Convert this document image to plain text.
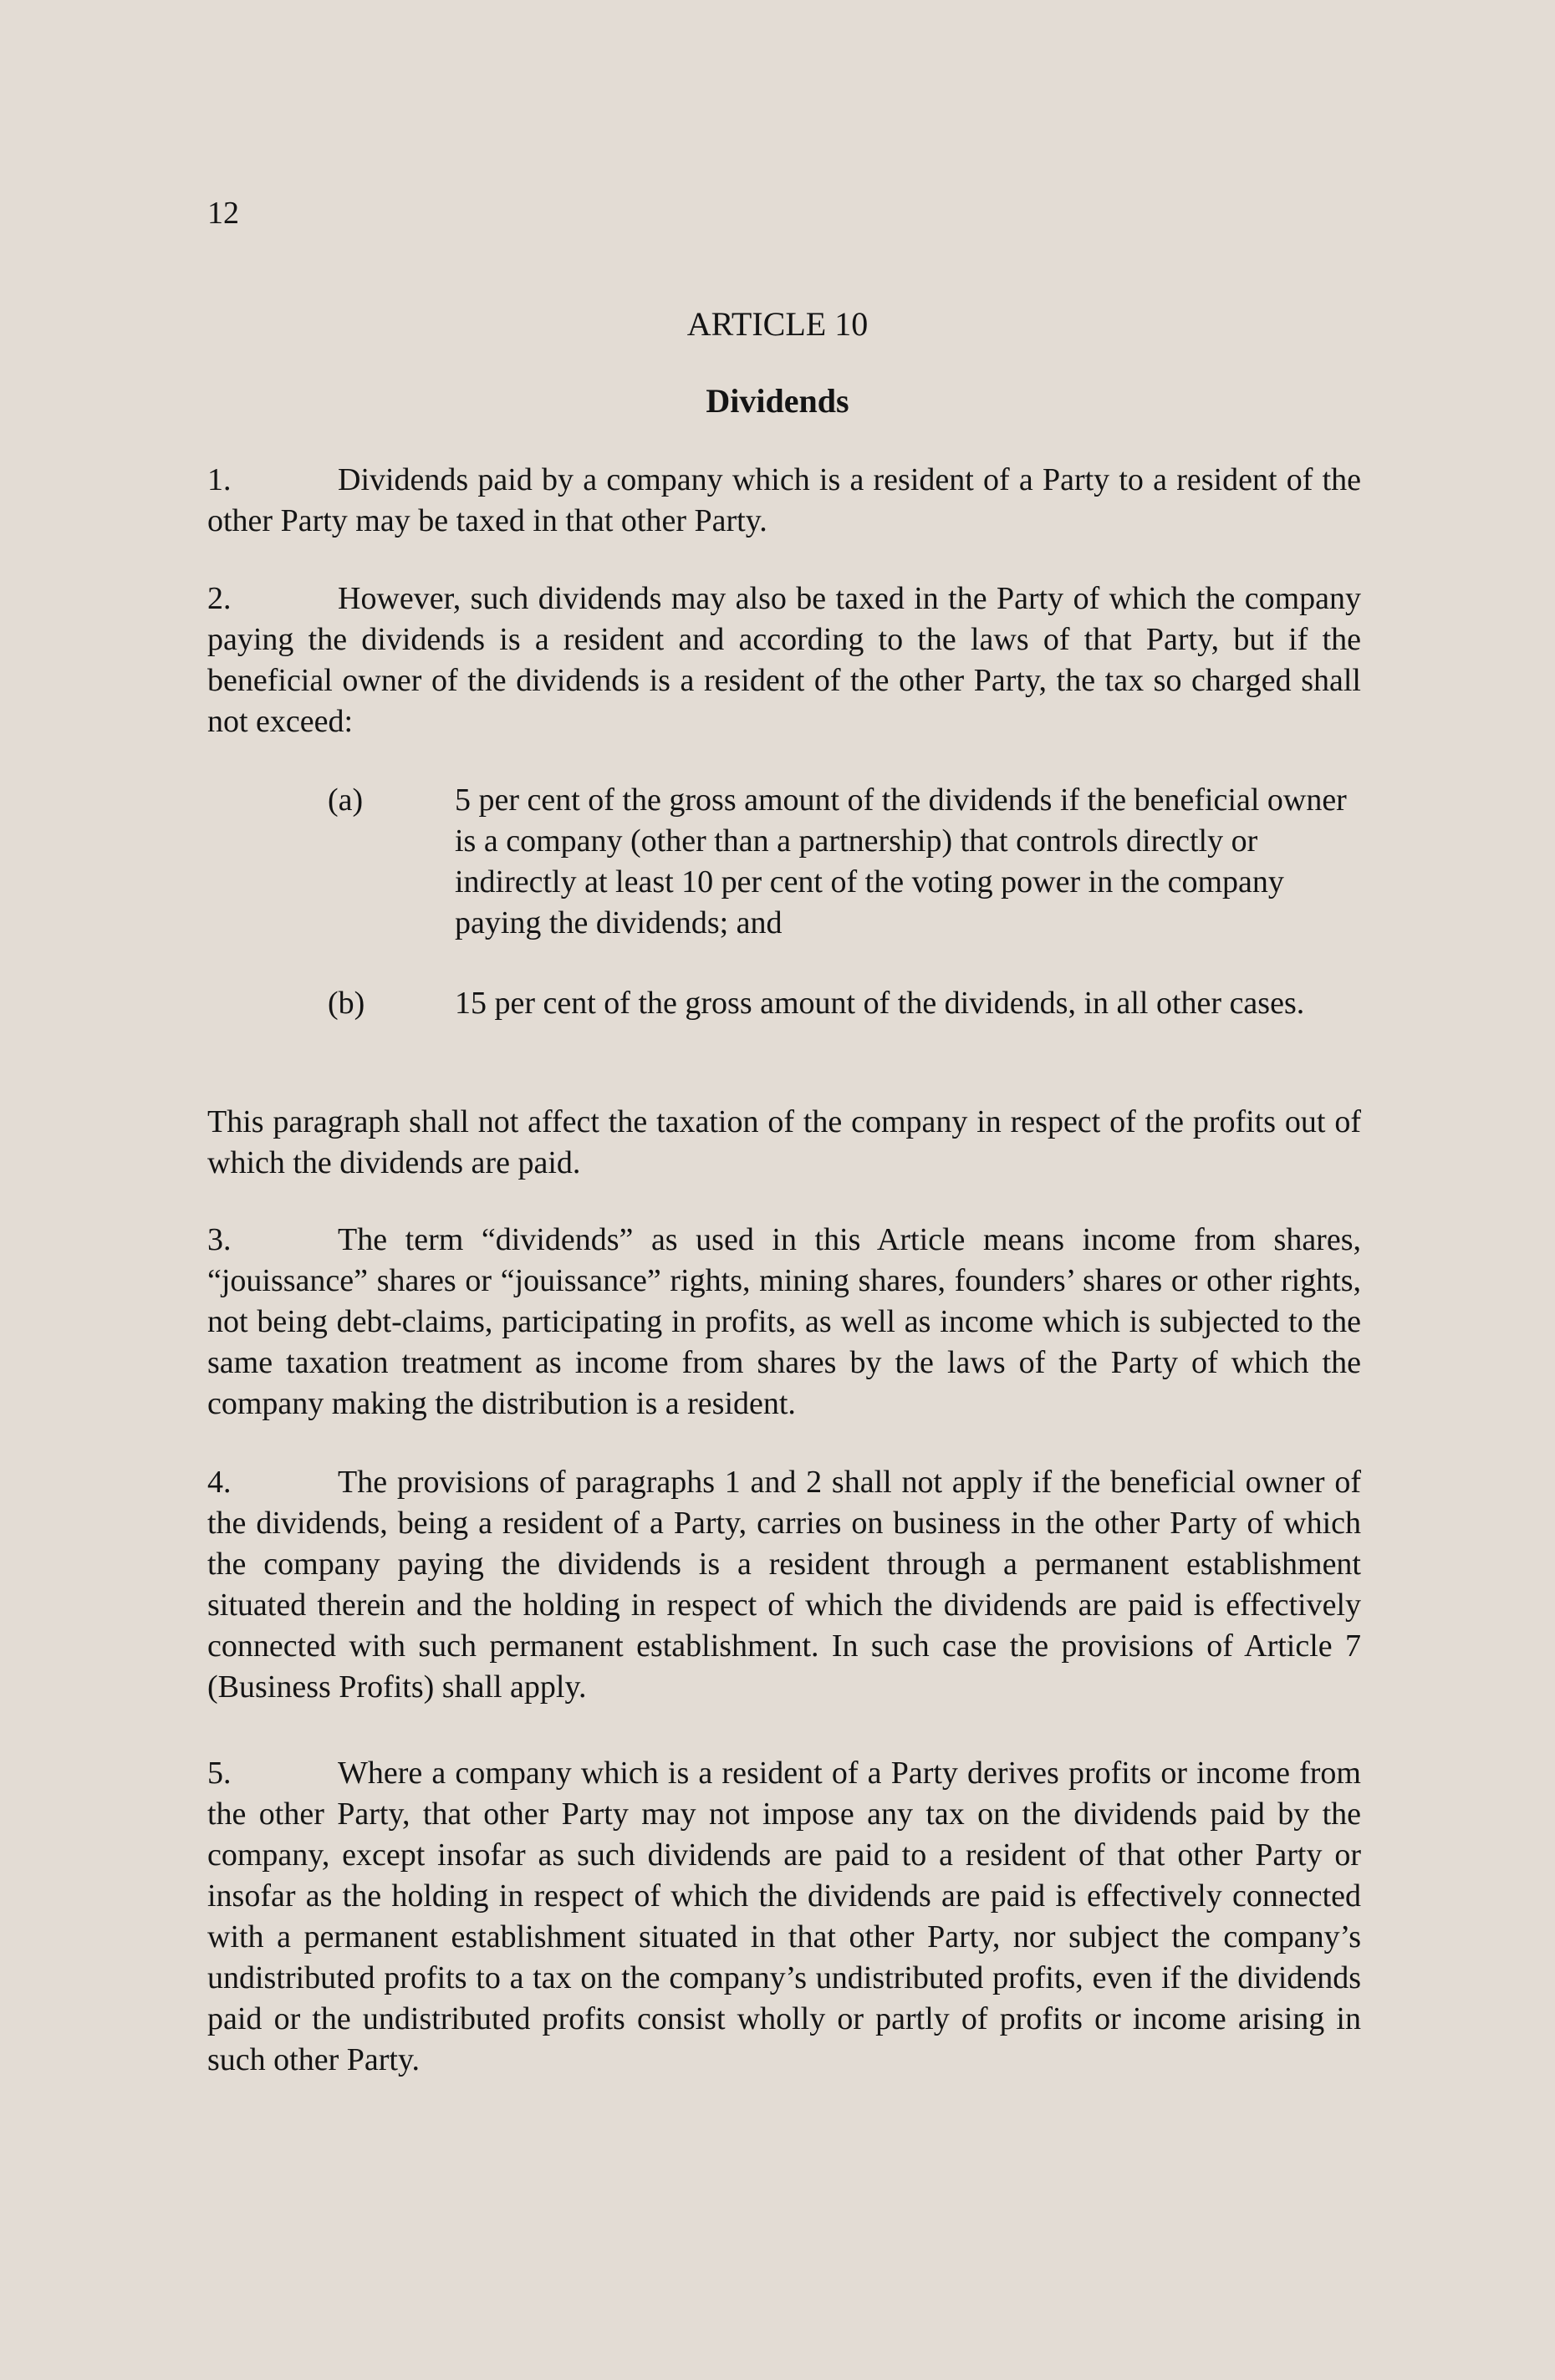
12
ARTICLE 10
Dividends

1.	Dividends paid by a company which is a resident of a Party to a resident of the other Party may be taxed in that other Party.

2.	However, such dividends may also be taxed in the Party of which the company paying the dividends is a resident and according to the laws of that Party, but if the beneficial owner of the dividends is a resident of the other Party, the tax so charged shall not exceed:

(a)	5 per cent of the gross amount of the dividends if the beneficial owner is a company (other than a partnership) that controls directly or indirectly at least 10 per cent of the voting power in the company paying the dividends; and
(b)	15 per cent of the gross amount of the dividends, in all other cases.

This paragraph shall not affect the taxation of the company in respect of the profits out of which the dividends are paid.

3.	The term “dividends” as used in this Article means income from shares, “jouissance” shares or “jouissance” rights, mining shares, founders’ shares or other rights, not being debt-claims, participating in profits, as well as income which is subjected to the same taxation treatment as income from shares by the laws of the Party of which the company making the distribution is a resident.

4.	The provisions of paragraphs 1 and 2 shall not apply if the beneficial owner of the dividends, being a resident of a Party, carries on business in the other Party of which the company paying the dividends is a resident through a permanent establishment situated therein and the holding in respect of which the dividends are paid is effectively connected with such permanent establishment. In such case the provisions of Article 7 (Business Profits) shall apply.

5.	Where a company which is a resident of a Party derives profits or income from the other Party, that other Party may not impose any tax on the dividends paid by the company, except insofar as such dividends are paid to a resident of that other Party or insofar as the holding in respect of which the dividends are paid is effectively connected with a permanent establishment situated in that other Party, nor subject the company’s undistributed profits to a tax on the company’s undistributed profits, even if the dividends paid or the undistributed profits consist wholly or partly of profits or income arising in such other Party.
